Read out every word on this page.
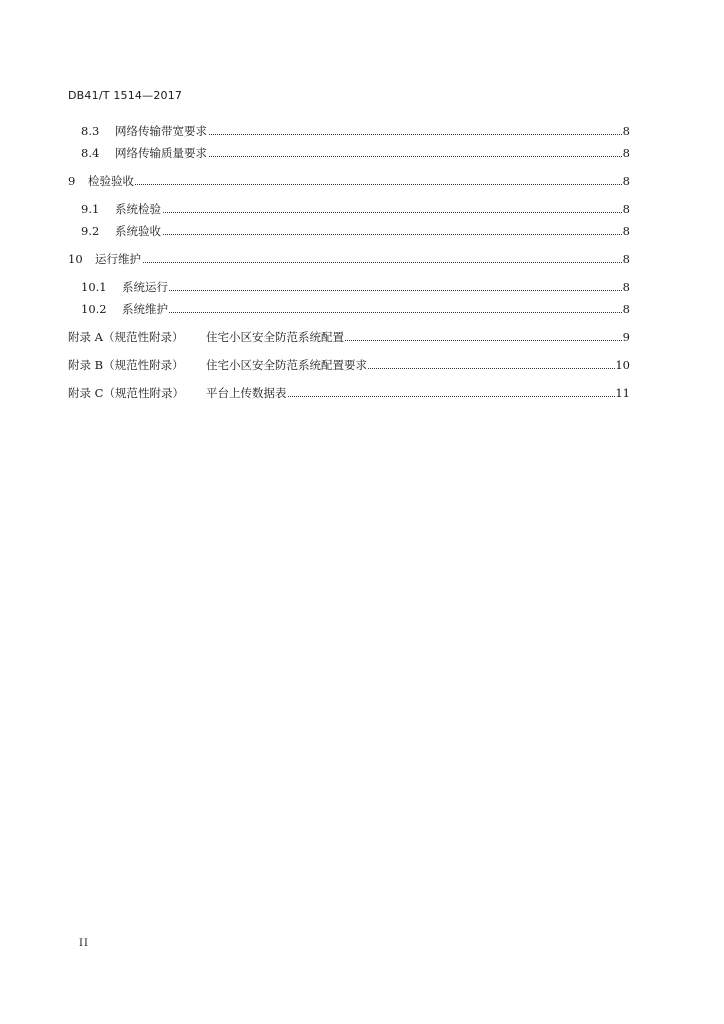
DB41/T 1514—2017
8.3 网络传输带宽要求	8
8.4 网络传输质量要求	8
9 检验验收	8
9.1 系统检验	8
9.2 系统验收	8
10 运行维护	8
10.1 系统运行	8
10.2 系统维护	8
附录 A（规范性附录） 住宅小区安全防范系统配置	9
附录 B（规范性附录） 住宅小区安全防范系统配置要求	10
附录 C（规范性附录） 平台上传数据表	11
II
